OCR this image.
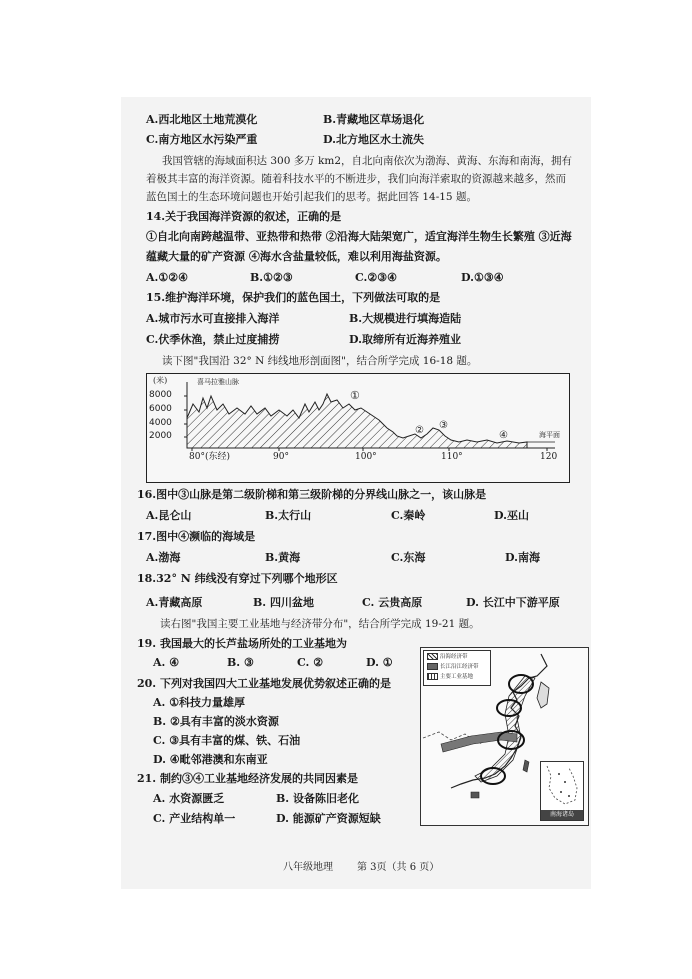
A.西北地区土地荒漠化	B.青藏地区草场退化
C.南方地区水污染严重	D.北方地区水土流失
我国管辖的海域面积达 300 多万 km2，自北向南依次为渤海、黄海、东海和南海，拥有
着极其丰富的海洋资源。随着科技水平的不断进步，我们向海洋索取的资源越来越多，然而
蓝色国土的生态环境问题也开始引起我们的思考。据此回答 14-15 题。
14.关于我国海洋资源的叙述，正确的是
①自北向南跨越温带、亚热带和热带 ②沿海大陆架宽广，适宜海洋生物生长繁殖 ③近海
蕴藏大量的矿产资源 ④海水含盐量较低，难以利用海盐资源。
A.①②④	B.①②③	C.②③④	D.①③④
15.维护海洋环境，保护我们的蓝色国土，下列做法可取的是
A.城市污水可直接排入海洋	B.大规模进行填海造陆
C.伏季休渔，禁止过度捕捞	D.取缔所有近海养殖业
读下图"我国沿 32° N 纬线地形剖面图"，结合所学完成 16-18 题。
(米)	喜马拉雅山脉
8000
6000
4000
2000
80°(东经)	90°	100°	110°	120
海平面
①
② ③
④
16.图中③山脉是第二级阶梯和第三级阶梯的分界线山脉之一，该山脉是
A.昆仑山	B.太行山	C.秦岭	D.巫山
17.图中④濒临的海域是
A.渤海	B.黄海	C.东海	D.南海
18.32° N 纬线没有穿过下列哪个地形区
A.青藏高原	B. 四川盆地	C. 云贵高原	D. 长江中下游平原
读右图"我国主要工业基地与经济带分布"，结合所学完成 19-21 题。
19. 我国最大的长芦盐场所处的工业基地为
A. ④	B. ③	C. ②	D. ①
20. 下列对我国四大工业基地发展优势叙述正确的是
A. ①科技力量雄厚
B. ②具有丰富的淡水资源
C. ③具有丰富的煤、铁、石油
D. ④毗邻港澳和东南亚
21. 制约③④工业基地经济发展的共同因素是
A. 水资源匮乏	B. 设备陈旧老化
C. 产业结构单一	D. 能源矿产资源短缺
沿海经济带
长江沿江经济带
主要工业基地
南海诸岛
八年级地理 第 3页（共 6 页）
